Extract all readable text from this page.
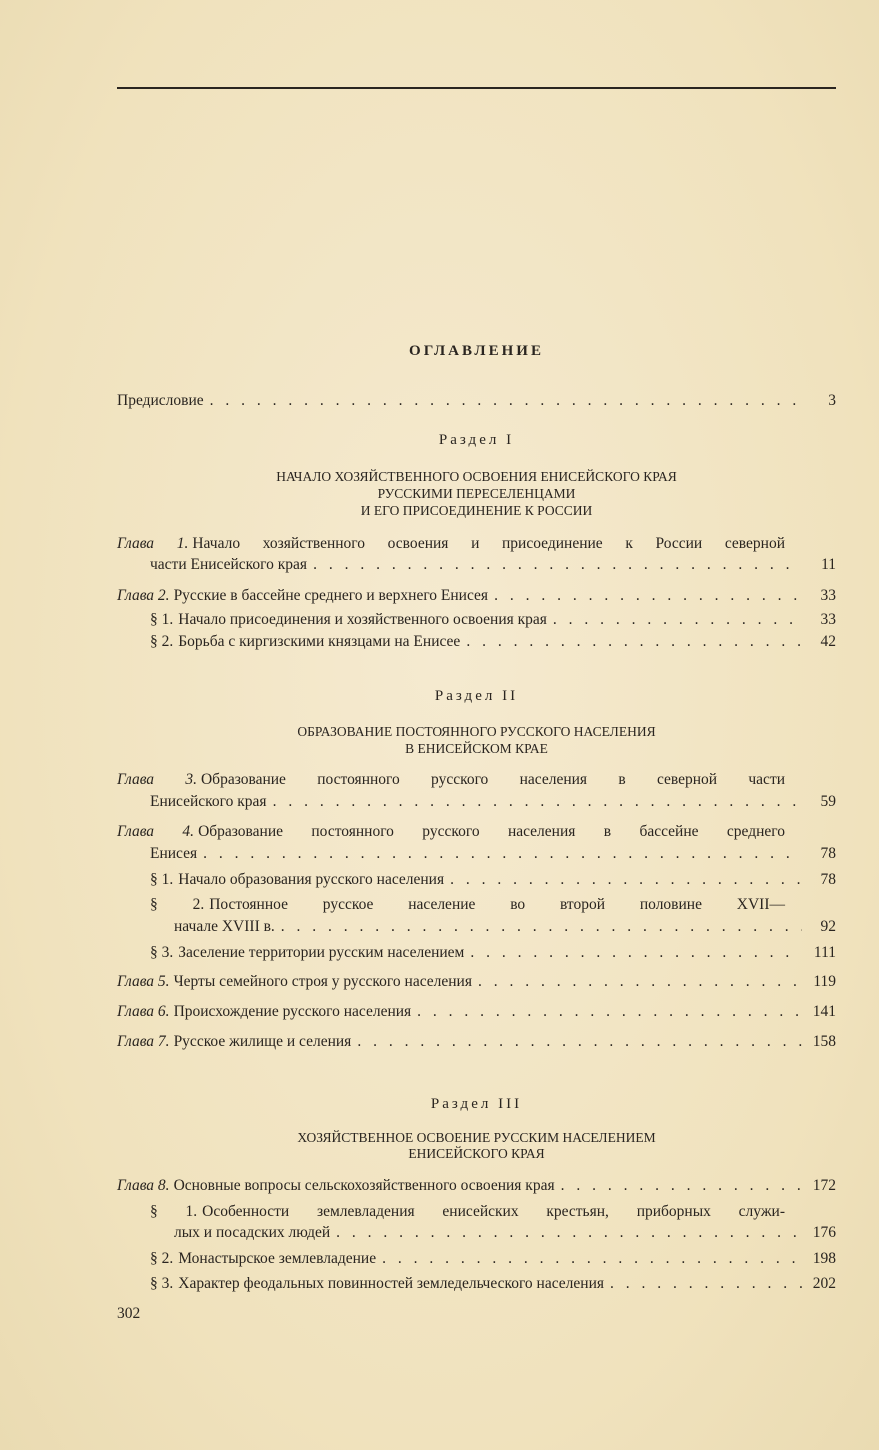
ОГЛАВЛЕНИЕ
Предисловие . . .	3
Раздел I
НАЧАЛО ХОЗЯЙСТВЕННОГО ОСВОЕНИЯ ЕНИСЕЙСКОГО КРАЯ
РУССКИМИ ПЕРЕСЕЛЕНЦАМИ
И ЕГО ПРИСОЕДИНЕНИЕ К РОССИИ
Глава 1. Начало хозяйственного освоения и присоединение к России северной
части Енисейского края . . .	11
Глава 2. Русские в бассейне среднего и верхнего Енисея . . .	33
§ 1. Начало присоединения и хозяйственного освоения края . . .	33
§ 2. Борьба с киргизскими князцами на Енисее . . .	42
Раздел II
ОБРАЗОВАНИЕ ПОСТОЯННОГО РУССКОГО НАСЕЛЕНИЯ
В ЕНИСЕЙСКОМ КРАЕ
Глава 3. Образование постоянного русского населения в северной части
Енисейского края . . .	59
Глава 4. Образование постоянного русского населения в бассейне среднего
Енисея . . .	78
§ 1. Начало образования русского населения . . .	78
§ 2. Постоянное русское население во второй половине XVII—
начале XVIII в. . . .	92
§ 3. Заселение территории русским населением . . .	111
Глава 5. Черты семейного строя у русского населения . . .	119
Глава 6. Происхождение русского населения . . .	141
Глава 7. Русское жилище и селения . . .	158
Раздел III
ХОЗЯЙСТВЕННОЕ ОСВОЕНИЕ РУССКИМ НАСЕЛЕНИЕМ
ЕНИСЕЙСКОГО КРАЯ
Глава 8. Основные вопросы сельскохозяйственного освоения края . . .	172
§ 1. Особенности землевладения енисейских крестьян, приборных служи-
лых и посадских людей . . .	176
§ 2. Монастырское землевладение . . .	198
§ 3. Характер феодальных повинностей земледельческого населения . . .	202
302
